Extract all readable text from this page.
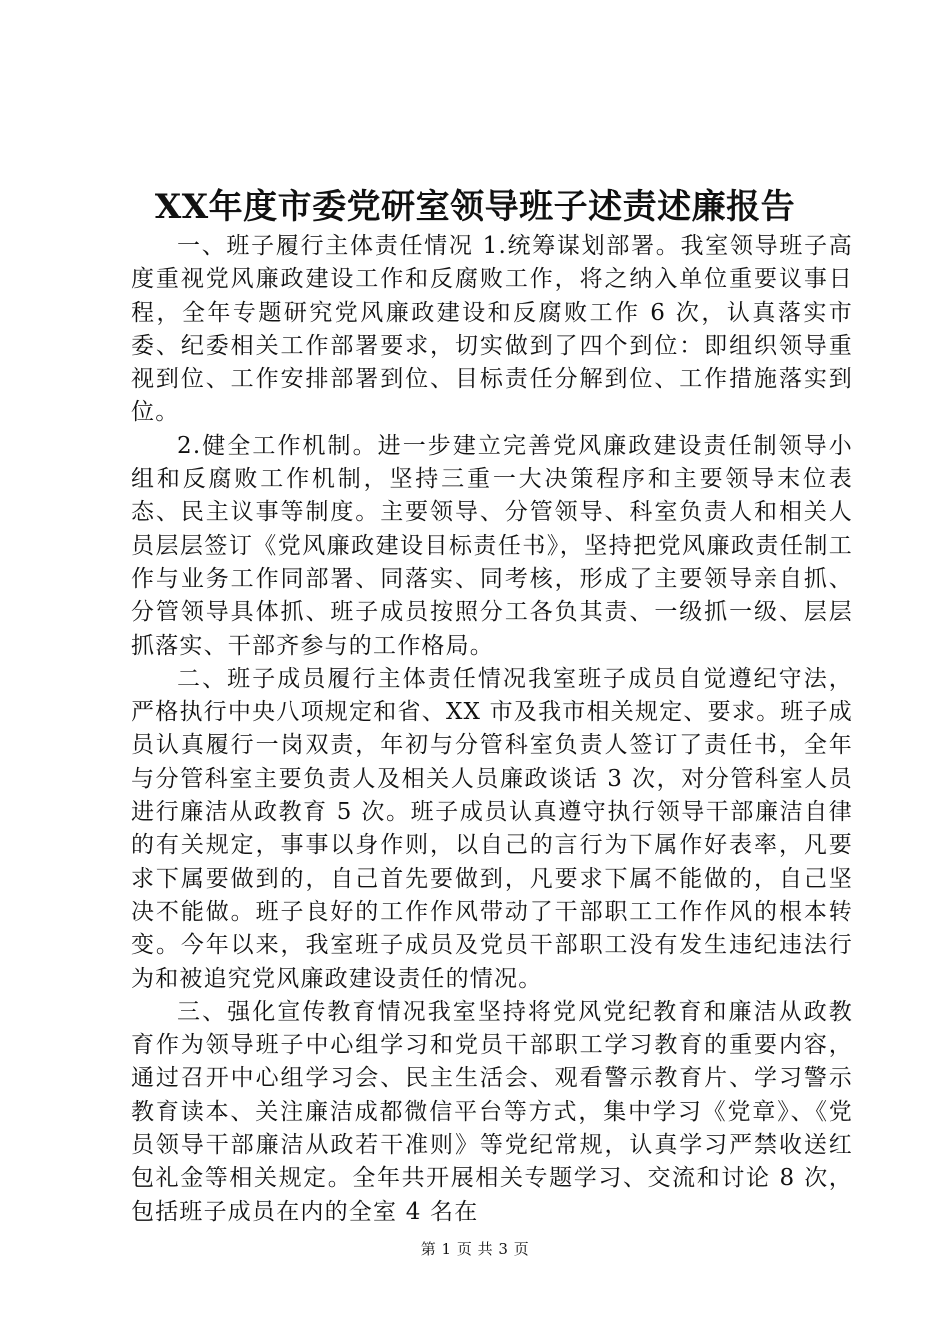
XX年度市委党研室领导班子述责述廉报告

一、班子履行主体责任情况 1.统筹谋划部署。我室领导班子高度重视党风廉政建设工作和反腐败工作，将之纳入单位重要议事日程，全年专题研究党风廉政建设和反腐败工作 6 次，认真落实市委、纪委相关工作部署要求，切实做到了四个到位：即组织领导重视到位、工作安排部署到位、目标责任分解到位、工作措施落实到位。

2.健全工作机制。进一步建立完善党风廉政建设责任制领导小组和反腐败工作机制，坚持三重一大决策程序和主要领导末位表态、民主议事等制度。主要领导、分管领导、科室负责人和相关人员层层签订《党风廉政建设目标责任书》，坚持把党风廉政责任制工作与业务工作同部署、同落实、同考核，形成了主要领导亲自抓、分管领导具体抓、班子成员按照分工各负其责、一级抓一级、层层抓落实、干部齐参与的工作格局。

二、班子成员履行主体责任情况我室班子成员自觉遵纪守法，严格执行中央八项规定和省、XX 市及我市相关规定、要求。班子成员认真履行一岗双责，年初与分管科室负责人签订了责任书，全年与分管科室主要负责人及相关人员廉政谈话 3 次，对分管科室人员进行廉洁从政教育 5 次。班子成员认真遵守执行领导干部廉洁自律的有关规定，事事以身作则，以自己的言行为下属作好表率，凡要求下属要做到的，自己首先要做到，凡要求下属不能做的，自己坚决不能做。班子良好的工作作风带动了干部职工工作作风的根本转变。今年以来，我室班子成员及党员干部职工没有发生违纪违法行为和被追究党风廉政建设责任的情况。

三、强化宣传教育情况我室坚持将党风党纪教育和廉洁从政教育作为领导班子中心组学习和党员干部职工学习教育的重要内容，通过召开中心组学习会、民主生活会、观看警示教育片、学习警示教育读本、关注廉洁成都微信平台等方式，集中学习《党章》、《党员领导干部廉洁从政若干准则》等党纪常规，认真学习严禁收送红包礼金等相关规定。全年共开展相关专题学习、交流和讨论 8 次，包括班子成员在内的全室 4 名在

第 1 页 共 3 页
